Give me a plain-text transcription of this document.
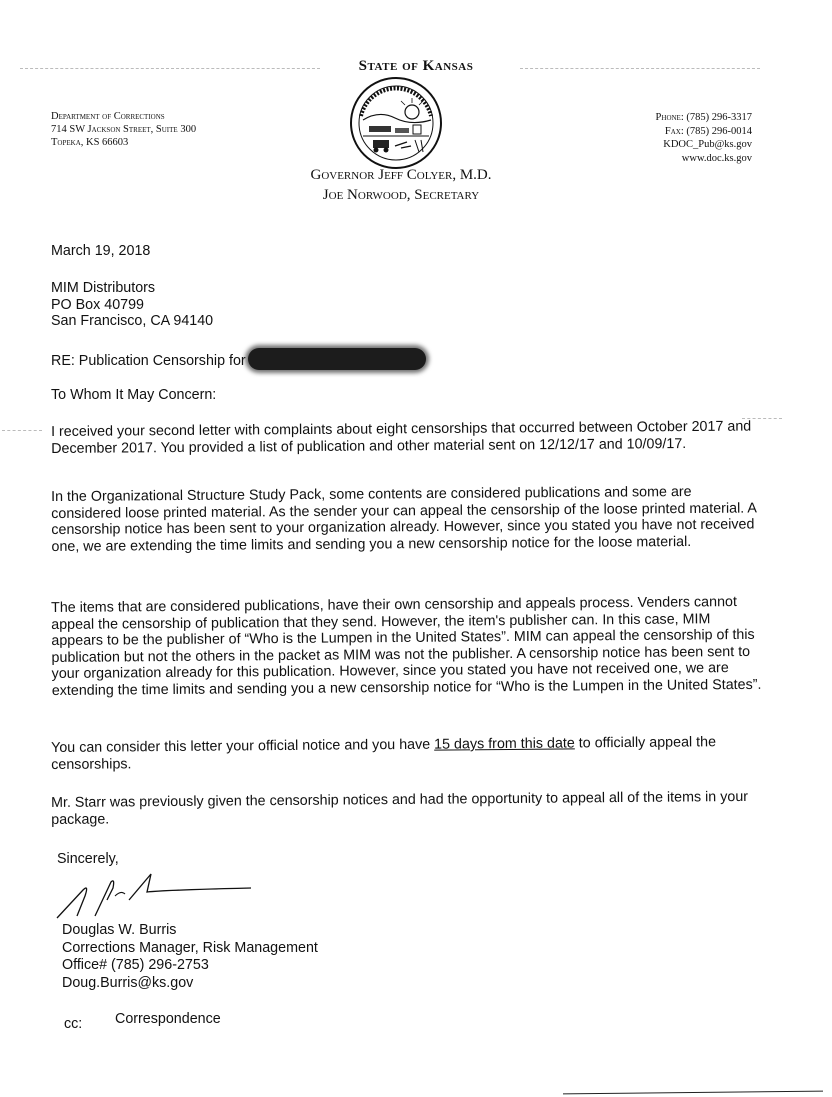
State of Kansas
Department of Corrections
714 SW Jackson Street, Suite 300
Topeka, KS 66603
Phone: (785) 296-3317
Fax: (785) 296-0014
KDOC_Pub@ks.gov
www.doc.ks.gov
Governor Jeff Colyer, M.D.
Joe Norwood, Secretary
March 19, 2018
MIM Distributors
PO Box 40799
San Francisco, CA 94140
RE: Publication Censorship for
To Whom It May Concern:
I received your second letter with complaints about eight censorships that occurred between October 2017 and December 2017. You provided a list of publication and other material sent on 12/12/17 and 10/09/17.
In the Organizational Structure Study Pack, some contents are considered publications and some are considered loose printed material. As the sender your can appeal the censorship of the loose printed material. A censorship notice has been sent to your organization already. However, since you stated you have not received one, we are extending the time limits and sending you a new censorship notice for the loose material.
The items that are considered publications, have their own censorship and appeals process. Venders cannot appeal the censorship of publication that they send. However, the item's publisher can. In this case, MIM appears to be the publisher of “Who is the Lumpen in the United States”. MIM can appeal the censorship of this publication but not the others in the packet as MIM was not the publisher. A censorship notice has been sent to your organization already for this publication. However, since you stated you have not received one, we are extending the time limits and sending you a new censorship notice for “Who is the Lumpen in the United States”.
You can consider this letter your official notice and you have 15 days from this date to officially appeal the censorships.
Mr. Starr was previously given the censorship notices and had the opportunity to appeal all of the items in your package.
Sincerely,
Douglas W. Burris
Corrections Manager, Risk Management
Office# (785) 296-2753
Doug.Burris@ks.gov
cc: Correspondence
